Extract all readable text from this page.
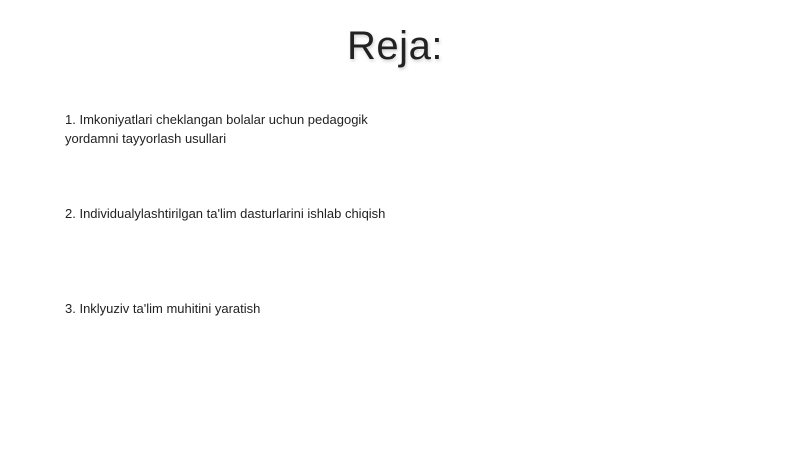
Reja:
1. Imkoniyatlari cheklangan bolalar uchun pedagogik yordamni tayyorlash usullari
2. Individualylashtirilgan ta'lim dasturlarini ishlab chiqish
3. Inklyuziv ta'lim muhitini yaratish
